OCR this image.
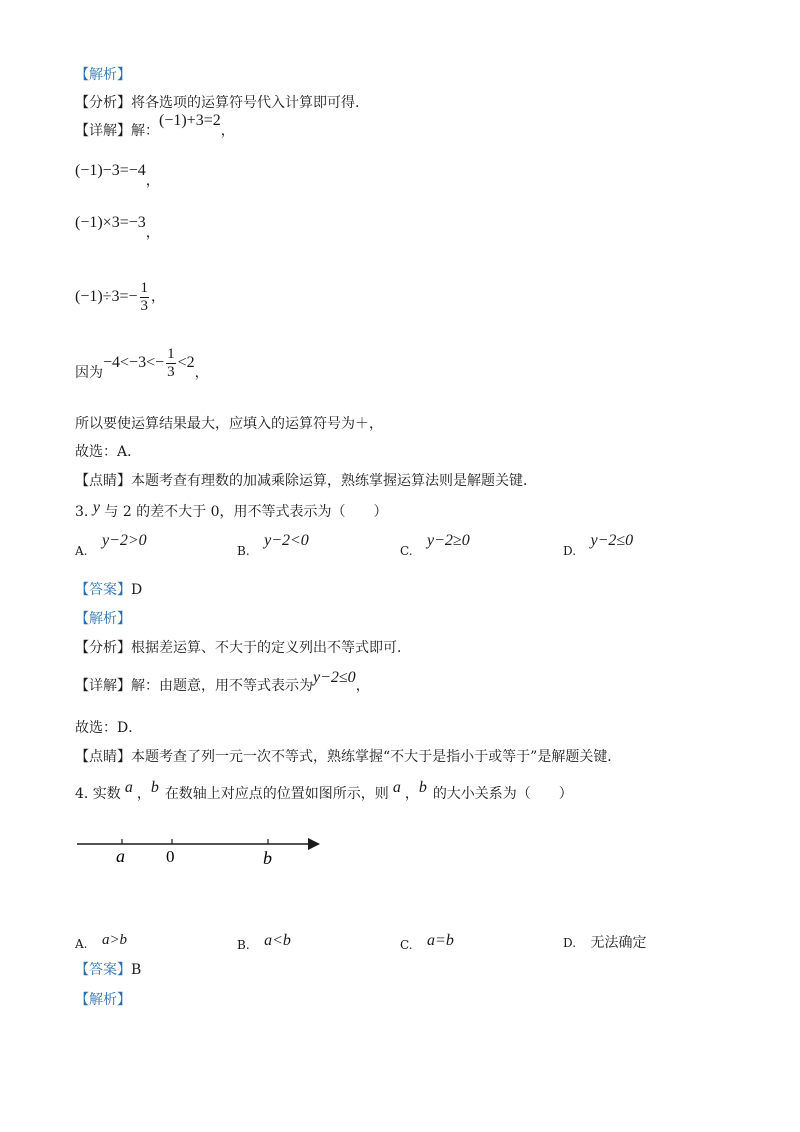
【解析】
【分析】将各选项的运算符号代入计算即可得.
【详解】解：(−1)+3=2，
(−1)−3=−4，
(−1)×3=−3，
$(-1)\div 3=- \frac{1}{3}$ ，
因为$-4<-3<- \frac{1}{3} <2$，
所以要使运算结果最大，应填入的运算符号为＋，
故选：A．
【点睛】本题考查有理数的加减乘除运算，熟练掌握运算法则是解题关键．
3. y 与 2 的差不大于 0，用不等式表示为（　　）
A. y−2>0
B. y−2<0
C. y−2≥0
D. y−2≤0
【答案】D
【解析】
【分析】根据差运算、不大于的定义列出不等式即可．
【详解】解：由题意，用不等式表示为y−2≤0，
故选：D．
【点睛】本题考查了列一元一次不等式，熟练掌握“不大于是指小于或等于”是解题关键．
4. 实数 a ，b 在数轴上对应点的位置如图所示，则 a ，b 的大小关系为（　　）
a 0	b
A. a>b	B. a<b	C. a=b	D. 无法确定
【答案】B
【解析】
